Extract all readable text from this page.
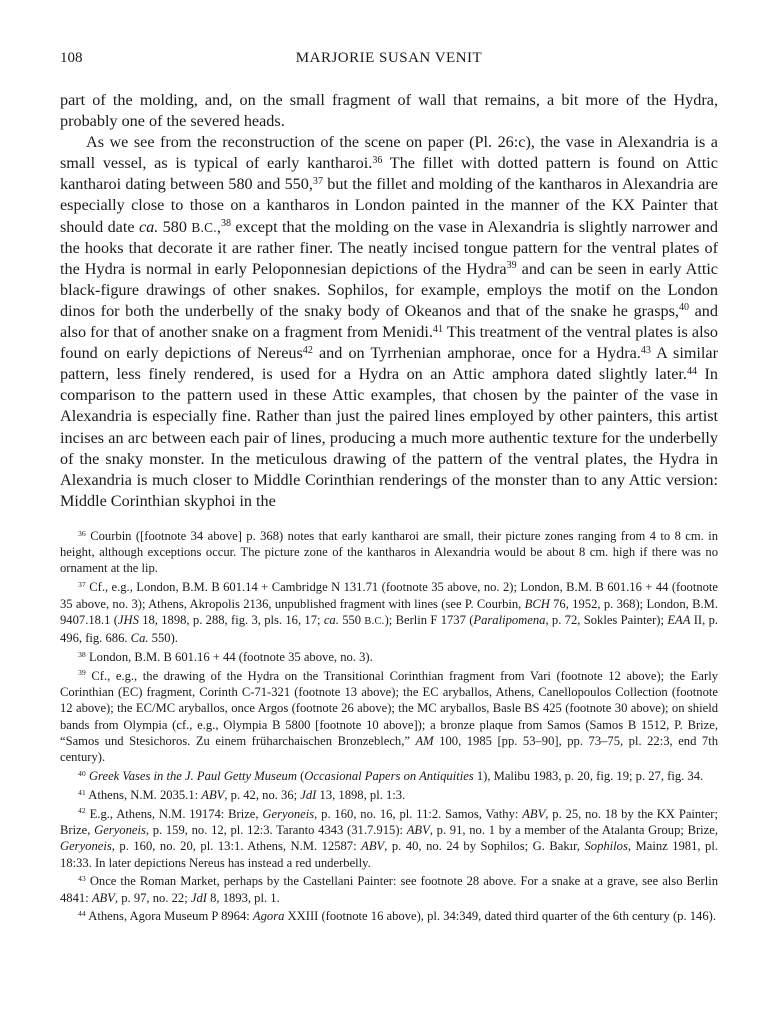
108	MARJORIE SUSAN VENIT

part of the molding, and, on the small fragment of wall that remains, a bit more of the Hydra, probably one of the severed heads.

As we see from the reconstruction of the scene on paper (Pl. 26:c), the vase in Alexandria is a small vessel, as is typical of early kantharoi.$^{36}$ The fillet with dotted pattern is found on Attic kantharoi dating between 580 and 550,37 but the fillet and molding of the kantharos in Alexandria are especially close to those on a kantharos in London painted in the manner of the KX Painter that should date ca. 580 B.C.,$^{38}$ except that the molding on the vase in Alexandria is slightly narrower and the hooks that decorate it are rather finer. The neatly incised tongue pattern for the ventral plates of the Hydra is normal in early Peloponnesian depictions of the Hydra$^{39}$ and can be seen in early Attic black-figure drawings of other snakes. Sophilos, for example, employs the motif on the London dinos for both the underbelly of the snaky body of Okeanos and that of the snake he grasps,$^{40}$ and also for that of another snake on a fragment from Menidi.$^{41}$ This treatment of the ventral plates is also found on early depictions of Nereus$^{42}$ and on Tyrrhenian amphorae, once for a Hydra.$^{43}$ A similar pattern, less finely rendered, is used for a Hydra on an Attic amphora dated slightly later.$^{44}$ In comparison to the pattern used in these Attic examples, that chosen by the painter of the vase in Alexandria is especially fine. Rather than just the paired lines employed by other painters, this artist incises an arc between each pair of lines, producing a much more authentic texture for the underbelly of the snaky monster. In the meticulous drawing of the pattern of the ventral plates, the Hydra in Alexandria is much closer to Middle Corinthian renderings of the monster than to any Attic version: Middle Corinthian skyphoi in the

$^{36}$ Courbin ([footnote 34 above] p. 368) notes that early kantharoi are small, their picture zones ranging from 4 to 8 cm. in height, although exceptions occur. The picture zone of the kantharos in Alexandria would be about 8 cm. high if there was no ornament at the lip.

$^{37}$ Cf., e.g., London, B.M. B 601.14 + Cambridge N 131.71 (footnote 35 above, no. 2); London, B.M. B 601.16 + 44 (footnote 35 above, no. 3); Athens, Akropolis 2136, unpublished fragment with lines (see P. Courbin, BCH 76, 1952, p. 368); London, B.M. 9407.18.1 (JHS 18, 1898, p. 288, fig. 3, pls. 16, 17; ca. 550 B.C.); Berlin F 1737 (Paralipomena, p. 72, Sokles Painter); EAA II, p. 496, fig. 686. Ca. 550).

$^{38}$ London, B.M. B 601.16 + 44 (footnote 35 above, no. 3).

$^{39}$ Cf., e.g., the drawing of the Hydra on the Transitional Corinthian fragment from Vari (footnote 12 above); the Early Corinthian (EC) fragment, Corinth C-71-321 (footnote 13 above); the EC aryballos, Athens, Canellopoulos Collection (footnote 12 above); the EC/MC aryballos, once Argos (footnote 26 above); the MC aryballos, Basle BS 425 (footnote 30 above); on shield bands from Olympia (cf., e.g., Olympia B 5800 [footnote 10 above]); a bronze plaque from Samos (Samos B 1512, P. Brize, “Samos und Stesichoros. Zu einem früharchaischen Bronzeblech,” AM 100, 1985 [pp. 53–90], pp. 73–75, pl. 22:3, end 7th century).

$^{40}$ Greek Vases in the J. Paul Getty Museum (Occasional Papers on Antiquities 1), Malibu 1983, p. 20, fig. 19; p. 27, fig. 34.

$^{41}$ Athens, N.M. 2035.1: ABV, p. 42, no. 36; JdI 13, 1898, pl. 1:3.

$^{42}$ E.g., Athens, N.M. 19174: Brize, Geryoneis, p. 160, no. 16, pl. 11:2. Samos, Vathy: ABV, p. 25, no. 18 by the KX Painter; Brize, Geryoneis, p. 159, no. 12, pl. 12:3. Taranto 4343 (31.7.915): ABV, p. 91, no. 1 by a member of the Atalanta Group; Brize, Geryoneis, p. 160, no. 20, pl. 13:1. Athens, N.M. 12587: ABV, p. 40, no. 24 by Sophilos; G. Bakır, Sophilos, Mainz 1981, pl. 18:33. In later depictions Nereus has instead a red underbelly.

$^{43}$ Once the Roman Market, perhaps by the Castellani Painter: see footnote 28 above. For a snake at a grave, see also Berlin 4841: ABV, p. 97, no. 22; JdI 8, 1893, pl. 1.

$^{44}$ Athens, Agora Museum P 8964: Agora XXIII (footnote 16 above), pl. 34:349, dated third quarter of the 6th century (p. 146).
